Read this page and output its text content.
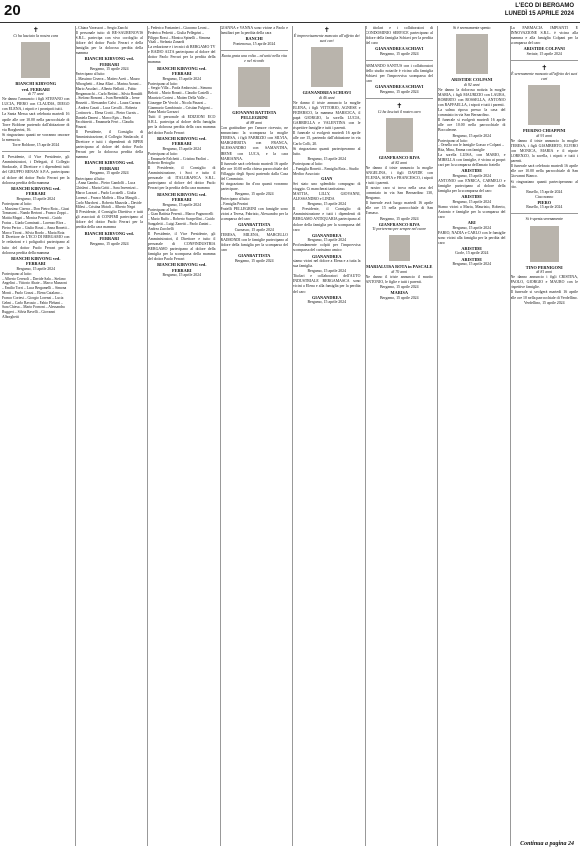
20	L'ECO DI BERGAMO
LUNEDÌ 15 APRILE 2024
✝
Ci ha lasciato la nostra cara
BIANCHI KIRVONG
ved. FERRARI
di 77 anni
Ne danno l'annuncio i figli STEFANO con LUCIA, PIERO con CLAUDIA, DIEGO con ELENA, i nipoti e i pronipoti tutti.
La Santa Messa sarà celebrata martedì 16 aprile alle ore 10.00 nella parrocchiale di Torre Boldone partendo dall'abitazione di via Borgherini, 16.
Si ringraziano quanti ne vorranno onorare la memoria.
Torre Boldone, 15 aprile 2024
Il Presidente, il Vice Presidente, gli Amministratori, i Delegati, il Collegio Sindacale, il Direttore e i dipendenti tutti del GRUPPO RENAN S.P.A. partecipano al dolore del dottor Paolo Ferrari per la dolorosa perdita della mamma
BIANCHI KIRVONG ved. FERRARI
Bergamo, 15 aprile 2024
Partecipano al lutto:
– Massimo Ciserra – Don Pietro Rota – Giusi Tomasoni – Nando Bertoni – Franco Zoppi – Mattia Magni – Monica Pesenti – Guido Fratus – Giada Carminati – Lorenzo Riva – Pietro Perico – Giulio Rossi – Anna Bonetti – Marco Tironi – Silvia Bordo – Maria Rota
Il Direttore de L'ECO DI BERGAMO con le redazioni e i poligrafici partecipano al lutto del dottor Paolo Ferrari per la dolorosa perdita della mamma
BIANCHI KIRVONG ved. FERRARI
Bergamo, 15 aprile 2024
Partecipano al lutto:
– Alberto Ceresoli – Davide Sala – Stefano Angelini – Vittorio Abate – Marco Manzoni – Emilio Torri – Luca Bergamelli – Simona Monti – Paolo Grassi – Elena Catalano – Franco Cortesi – Giorgio Lorenzi – Lucia Gelmi – Carlo Ravasio – Fabio Plebani – Sara Chiesa – Mario Fornoni – Alessandra Ruggeri – Silvia Ravelli – Giovanni Alborghetti
– Chiara Vavassori – Sergio Zanchi
Il personale tutto di RE-SAURENOVIS S.R.L. partecipa con vivo cordoglio al dolore del dottor Paolo Ferrari e della famiglia per la dolorosa perdita della mamma
BIANCHI KIRVONG ved. FERRARI
Bergamo, 15 aprile 2024
Partecipano al lutto:
– Massimo Ciserra – Matteo Aceti – Mauro Alborghetti – Alma Allari – Marina Arzani – Mario Assolari – Alberto Bellotti – Fabio Bergamaschi – Carlo Bettini – Silvia Bonaldi – Stefano Bonomi – Ivan Brembilla – Irene Brusetti – Alessandro Calvi – Laura Carrara – Andrea Casati – Luca Cavalli – Roberta Cortinovis – Elena Crotti – Pietro Curnis – Daniela Danesi – Marco Epis – Paolo Facchinetti – Emanuela Ferri – Claudia Finazzi
Il Presidente, il Consiglio di Amministrazione, il Collegio Sindacale, il Direttore e tutti i dipendenti di BPER partecipano al dolore del dottor Paolo Ferrari per la dolorosa perdita della mamma
BIANCHI KIRVONG ved. FERRARI
Bergamo, 15 aprile 2024
Partecipano al lutto:
– Anna Gamba – Pietro Gandolfi – Luca Ghisleni – Marta Gritti – Sara Invernizzi – Marco Lazzari – Paolo Locatelli – Giulia Lorenzi – Franco Maffeis – Elisa Mangili – Carlo Marchesi – Roberta Mazzola – Davide Milesi – Cristina Moioli – Alberto Negri
Il Presidente, il Consiglio Direttivo e tutti gli associati di CONFIMI partecipano al dolore del dottor Paolo Ferrari per la perdita della cara mamma
BIANCHI KIRVONG ved. FERRARI
Bergamo, 15 aprile 2024
– Federico Fontanieri – Giacomo Leoni – Federica Pedretti – Giulia Pellegrini – Filippo Rossi – Monica Spinelli – Simona Vitali – Stefania Zanardi
La redazione e i tecnici di BERGAMO TV e RADIO ALTA partecipano al dolore del dottor Paolo Ferrari per la perdita della mamma
BIANCHI KIRVONG ved. FERRARI
Bergamo, 15 aprile 2024
Partecipano al lutto:
– Sergio Villa – Paola Ambrosini – Simona Belotti – Mario Bonati – Claudio Castelli – Maurizio Cortesi – Matteo Della Valle – Giuseppe De Vecchi – Nicola Finazzi – Gianmario Gambirasio – Cristian Fulgoni – Anna Maria Gavazzi
Tutti il personale di EDIZIONI ECO S.R.L. partecipa al dolore della famiglia per la dolorosa perdita della cara mamma del dottor Paolo Ferrari
BIANCHI KIRVONG ved. FERRARI
Bergamo, 15 aprile 2024
Partecipano al lutto:
– Emanuele Falchetti – Cristina Paolini – Roberto Bertoglio
Il Presidente, il Consiglio di Amministrazione, i Soci e tutto il personale di ITALGRAFICA S.R.L. partecipano al dolore del dottor Paolo Ferrari per la perdita della cara mamma
BIANCHI KIRVONG ved. FERRARI
Bergamo, 15 aprile 2024
Partecipano al lutto:
– Gian Battista Pesenti – Marco Pagnoncelli – Mario Ruffo – Roberto Scarpellini – Guido Sangaletti – Luigi Zanetti – Paolo Zanini – Andrea Zucchelli
Il Presidente, il Vice Presidente, gli Amministratori, il Direttore e tutto il personale di CONFINDUSTRIA BERGAMO partecipano al dolore della famiglia per la scomparsa della mamma del dottor Paolo Ferrari
BIANCHI KIRVONG ved. FERRARI
Bergamo, 15 aprile 2024
GIANNA e VANNA sono vicine a Paolo e familiari per la perdita della cara
BANCHI
Pontenossa, 15 aprile 2024
Ruota grata una volta – ed uniti nella vita e nel ricordo
GIOVANNI BATTISTA PELLEGRINI
di 88 anni
Con gratitudine per l'amore ricevuto, ne annunciano la scomparsa la moglie TERESA, i figli FABRIZIO con SILVIA, MARGHERITA con FRANCA, ALESSANDRO con SAMANTHA, IRENE con LUCA, e la cara MARIANNA.
Il funerale sarà celebrato martedì 16 aprile alle ore 10.00 nella chiesa parrocchiale del Villaggio degli Sposi partendo dalla Casa del Commiato.
Si ringraziano fin d'ora quanti vorranno partecipare.
Bergamo, 15 aprile 2024
Partecipano al lutto:
– Famiglia Pezzini
Fratelli PELLEGRINI con famiglie sono vicini a Teresa, Fabrizio, Alessandro per la scomparsa del caro
GIANBATTISTA
Curnasco, 15 aprile 2024
TERESA, MILENA, MARCELLO RAIMONDI con le famiglie partecipano al dolore della famiglia per la scomparsa del caro
GIANBATTISTA
Bergamo, 15 aprile 2024
✝
È improvvisamente mancato all'affetto dei suoi cari
GIANANDREA SCHIAVI
di 46 anni
Ne danno il triste annuncio la moglie ELENA, i figli VITTORIO, AGNESE e FEDERICO, la mamma MARICICA, il papà GIORGIO, la sorella LUCIA, GABRIELLA e VALENTINA con le rispettive famiglie e tutti i parenti.
Il funerale si svolgerà martedì 16 aprile alle ore 15, partendo dall'abitazione in via Carlo Colli, 20.
Si ringraziano quanti parteciperanno al lutto.
Bergamo, 15 aprile 2024
Partecipano al lutto:
– Famiglia Bonetti – Famiglia Rota – Studio Medico Associato
GIAN
Sei stato uno splendido compagno di viaggio. Ci mancherai tantissimo.
MATTIA, LILLY, GIOVANNI, ALESSANDRO e LINDA
Bergamo, 15 aprile 2024
Il Presidente, il Consiglio di Amministrazione e tutti i dipendenti di BERGAMO ANTIQUARIA partecipano al dolore della famiglia per la scomparsa del caro
GIANANDREA
Bergamo, 15 aprile 2024
Profondamente colpiti per l'improvvisa scomparsa del carissimo amico
GIANANDREA
siamo vicini nel dolore a Elena e a tutta la sua famiglia.
Bergamo, 15 aprile 2024
Titolari e collaboratori dell'AUTO INDUSTRIALE BERGAMASCA sono vicini a Elena e alla famiglia per la perdita del caro
GIANANDREA
Bergamo, 15 aprile 2024
I titolari e i collaboratori di CONDOMINIO SERVICE partecipano al dolore della famiglia Schiavi per la perdita del caro
GIANANDREA SCHIAVI
Bergamo, 15 aprile 2024
ARMANDO SANTUS con i collaboratori dello studio notarile è vicino alla famiglia Schiavi per l'improvvisa scomparsa del caro
GIANANDREA SCHIAVI
Bergamo, 15 aprile 2024
✝
Ci ha lasciati il nostro caro
GIANFRANCO RIVA
di 82 anni
Ne danno il triste annuncio la moglie ANGELINA, i figli DAVIDE con YLENIA, SOFIA e FRANCESCO, i nipoti e tutti i parenti.
Il nostro caro si trova nella casa del commiato in via San Bernardino 130, Bergamo.
Il funerale avrà luogo martedì 16 aprile alle ore 15 nella parrocchiale di San Tomaso.
Bergamo, 15 aprile 2024
GIANFRANCO RIVA
Ti porteremo per sempre nel cuore
MARIALUISA ROTA in PASCALE
di 70 anni
Ne danno il triste annuncio il marito ANTONIO, le figlie e tutti i parenti.
Bergamo, 15 aprile 2024
MARISA
Bergamo, 15 aprile 2024
Si è serenamente spento
ARISTIDE COLPANI
di 92 anni
Ne danno la dolorosa notizia la moglie MARIA, i figli MAURIZIO con LAURA, ROBERTO con ROSSELLA, ANTONIO con RAFFAELLA, i nipoti e tutti i parenti.
La salma riposa presso la casa del commiato in via San Bernardino.
Il funerale si svolgerà martedì 16 aprile alle ore 10.00 nella parrocchiale di Boccaleone.
Bergamo, 15 aprile 2024
Partecipano al lutto:
– Ornella con le famiglie Grasso e Colpani – Rita, Mina, Emma con famiglie
La sorella LUISA, con MARIO, e MIRELLA con famiglie, è vicina ai propri cari per la scomparsa dell'amato fratello
ARISTIDE
Bergamo, 15 aprile 2024
ANTONIO con ENRICA, CARMELO e famiglie partecipano al dolore della famiglia per la scomparsa del caro
ARISTIDE
Bergamo, 15 aprile 2024
Siamo vicini a Maria, Maurizio, Roberto, Antonio e famiglie per la scomparsa del caro
ARI
Bergamo, 15 aprile 2024
FABIO, NADIA e CARLO con le famiglie sono vicini alla famiglia per la perdita del caro
ARISTIDE
Gorle, 15 aprile 2024
ARISTIDE
Bergamo, 15 aprile 2024
La FARMACIA IMPIANTI E INNOVAZIONE S.R.L. è vicina alla mamma e alla famiglia Colpani per la scomparsa del caro
ARISTIDE COLPANI
Seriate, 15 aprile 2024
✝
È serenamente mancato all'affetto dei suoi cari
PIERINO CHIAPPINI
di 91 anni
Ne danno il triste annuncio la moglie TERESA, i figli GIAMBERTO, ELVIRO con MONICA, MARIA e il nipote LORENZO, la sorella, i nipoti e tutti i parenti.
Il funerale sarà celebrato martedì 16 aprile alle ore 10.00 nella parrocchiale di San Giovanni Bianco.
Si ringraziano quanti parteciperanno al rito.
Rasello, 15 aprile 2024
Ciao nonno
PIERO
Rasello, 15 aprile 2024
Si è spenta serenamente
TINO PERNIGONI
di 81 anni
Ne danno annuncio i figli CRISTINA, PAOLO, GIORGIO e MAURO con le rispettive famiglie.
Il funerale si svolgerà martedì 16 aprile alle ore 10 nella parrocchiale di Verdellino.
Verdellino, 15 aprile 2024
Continua a pagina 24
